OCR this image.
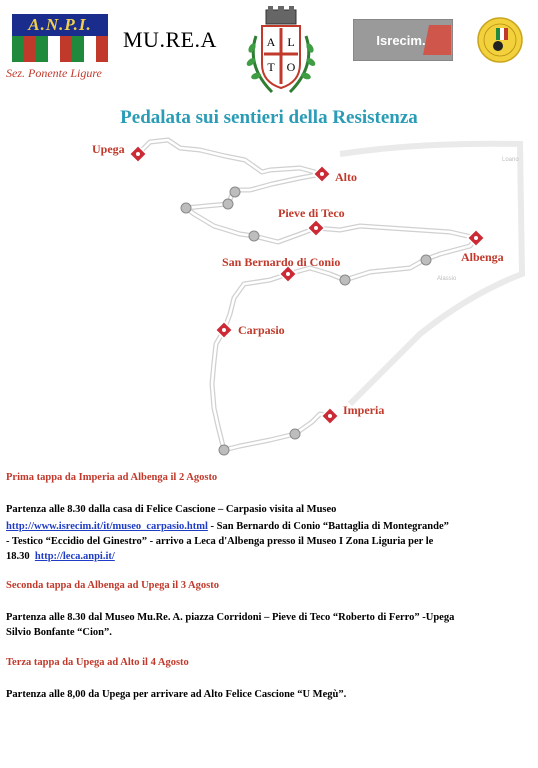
A.N.P.I.
Sez. Ponente Ligure
MU.RE.A	A L
T O
Isrecim.
Pedalata sui sentieri della Resistenza
Loano
Alassio
Upega
Alto
Pieve di Teco
Albenga
San Bernardo di Conio
Carpasio
Imperia
Prima tappa da Imperia ad Albenga il 2 Agosto
Partenza alle 8.30 dalla casa di Felice Cascione – Carpasio visita al Museo
http://www.isrecim.it/it/museo_carpasio.html - San Bernardo di Conio “Battaglia di Montegrande”
- Testico “Eccidio del Ginestro” - arrivo a Leca d'Albenga presso il Museo I Zona Liguria per le
18.30 http://leca.anpi.it/
Seconda tappa da Albenga ad Upega il 3 Agosto
Partenza alle 8.30 dal Museo Mu.Re. A. piazza Corridoni – Pieve di Teco “Roberto di Ferro” -Upega
Silvio Bonfante “Cion”.
Terza tappa da Upega ad Alto il 4 Agosto
Partenza alle 8,00 da Upega per arrivare ad Alto Felice Cascione “U Megù”.
